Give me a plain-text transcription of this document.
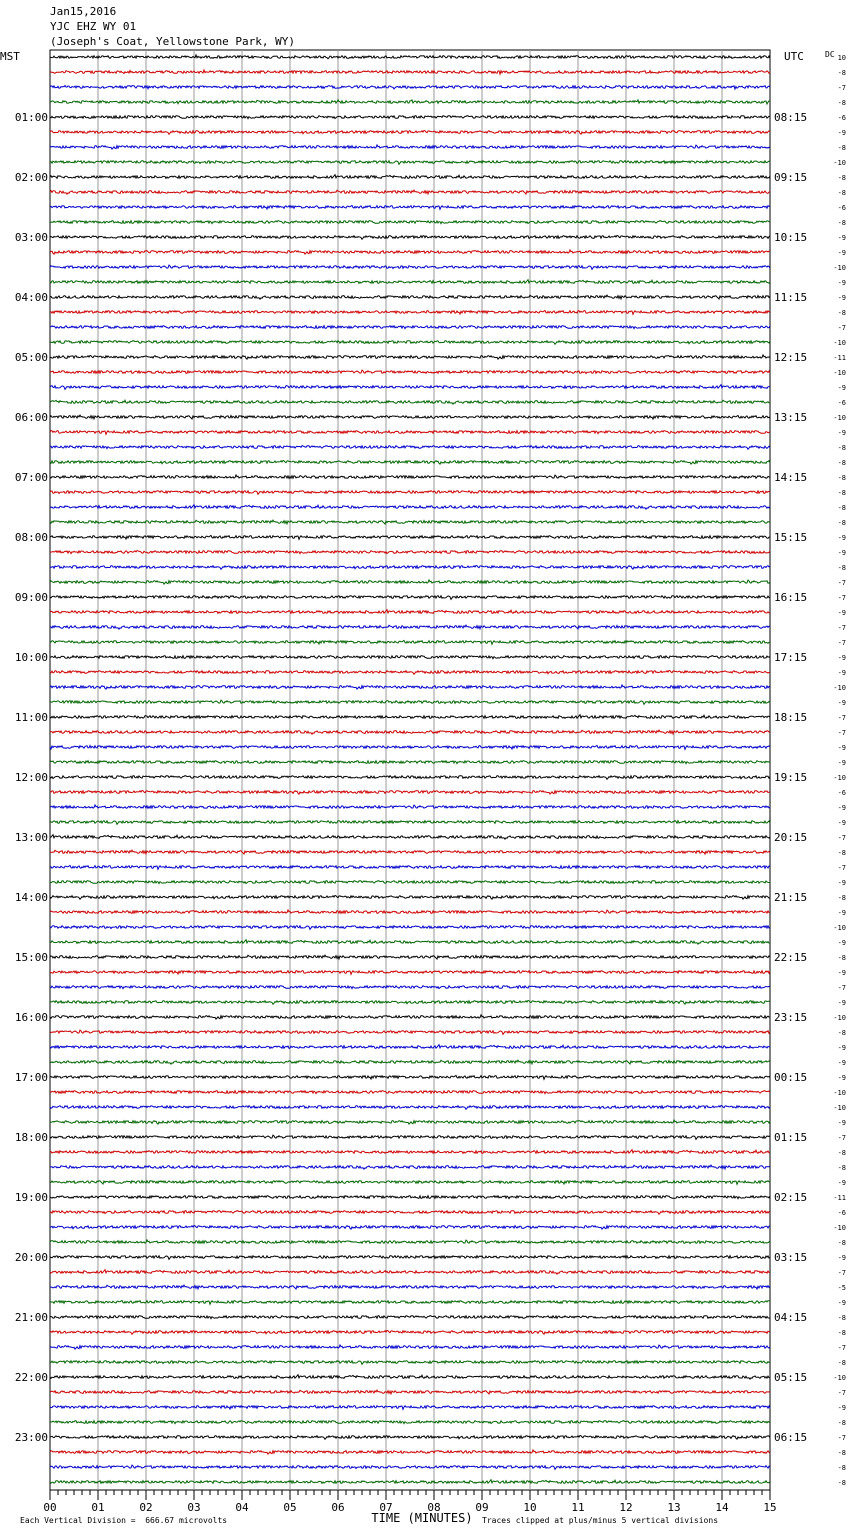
Jan15,2016
YJC EHZ WY 01
(Joseph's Coat, Yellowstone Park, WY)
MST	UTC	DC
01:00
02:00
03:00
04:00
05:00
06:00
07:00
08:00
09:00
10:00
11:00
12:00
13:00
14:00
15:00
16:00
17:00
18:00
19:00
20:00
21:00
22:00
23:00
08:15
09:15
10:15
11:15
12:15
13:15
14:15
15:15
16:15
17:15
18:15
19:15
20:15
21:15
22:15
23:15
00:15
01:15
02:15
03:15
04:15
05:15
06:15
10
-8
-7
-8
-6
-9
-8
-10
-8
-8
-6
-8
-9
-9
-10
-9
-9
-8
-7
-10
-11
-10
-9
-6
-10
-9
-8
-8
-8
-8
-8
-8
-9
-9
-8
-7
-7
-9
-7
-7
-9
-9
-10
-9
-7
-7
-9
-9
-10
-6
-9
-9
-7
-8
-7
-9
-8
-9
-10
-9
-8
-9
-7
-9
-10
-8
-9
-9
-9
-10
-10
-9
-7
-8
-8
-9
-11
-6
-10
-8
-9
-7
-5
-9
-8
-8
-7
-8
-10
-7
-9
-8
-7
-8
-8
-8
00	01	02	03	04	05	06	07	08	09	10	11	12	13	14	15
TIME (MINUTES)
Each Vertical Division =  666.67 microvolts	Traces clipped at plus/minus 5 vertical divisions
